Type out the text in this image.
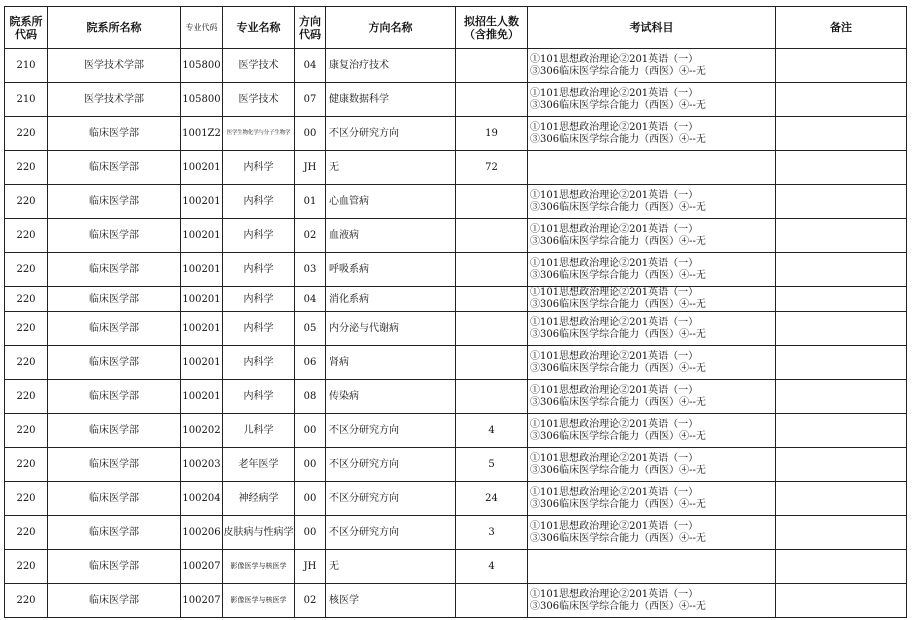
院系所
代码	院系所名称	专业代码	专业名称	方向
代码	方向名称	拟招生人数
（含推免）	考试科目	备注
210	医学技术学部	105800	医学技术	04	康复治疗技术		①101思想政治理论②201英语（一）
③306临床医学综合能力（西医）④--无	

210	医学技术学部	105800	医学技术	07	健康数据科学		①101思想政治理论②201英语（一）
③306临床医学综合能力（西医）④--无	

220	临床医学部	1001Z2	医学生物化学与分子生物学	00	不区分研究方向	19	①101思想政治理论②201英语（一）
③306临床医学综合能力（西医）④--无	

220	临床医学部	100201	内科学	JH	无	72	

220	临床医学部	100201	内科学	01	心血管病		①101思想政治理论②201英语（一）
③306临床医学综合能力（西医）④--无	

220	临床医学部	100201	内科学	02	血液病		①101思想政治理论②201英语（一）
③306临床医学综合能力（西医）④--无	

220	临床医学部	100201	内科学	03	呼吸系病		①101思想政治理论②201英语（一）
③306临床医学综合能力（西医）④--无	

220	临床医学部	100201	内科学	04	消化系病		①101思想政治理论②201英语（一）
③306临床医学综合能力（西医）④--无	

220	临床医学部	100201	内科学	05	内分泌与代谢病		①101思想政治理论②201英语（一）
③306临床医学综合能力（西医）④--无	

220	临床医学部	100201	内科学	06	肾病		①101思想政治理论②201英语（一）
③306临床医学综合能力（西医）④--无	

220	临床医学部	100201	内科学	08	传染病		①101思想政治理论②201英语（一）
③306临床医学综合能力（西医）④--无	

220	临床医学部	100202	儿科学	00	不区分研究方向	4	①101思想政治理论②201英语（一）
③306临床医学综合能力（西医）④--无	

220	临床医学部	100203	老年医学	00	不区分研究方向	5	①101思想政治理论②201英语（一）
③306临床医学综合能力（西医）④--无	

220	临床医学部	100204	神经病学	00	不区分研究方向	24	①101思想政治理论②201英语（一）
③306临床医学综合能力（西医）④--无	

220	临床医学部	100206	皮肤病与性病学	00	不区分研究方向	3	①101思想政治理论②201英语（一）
③306临床医学综合能力（西医）④--无	

220	临床医学部	100207	影像医学与核医学	JH	无	4	

220	临床医学部	100207	影像医学与核医学	02	核医学		①101思想政治理论②201英语（一）
③306临床医学综合能力（西医）④--无	
